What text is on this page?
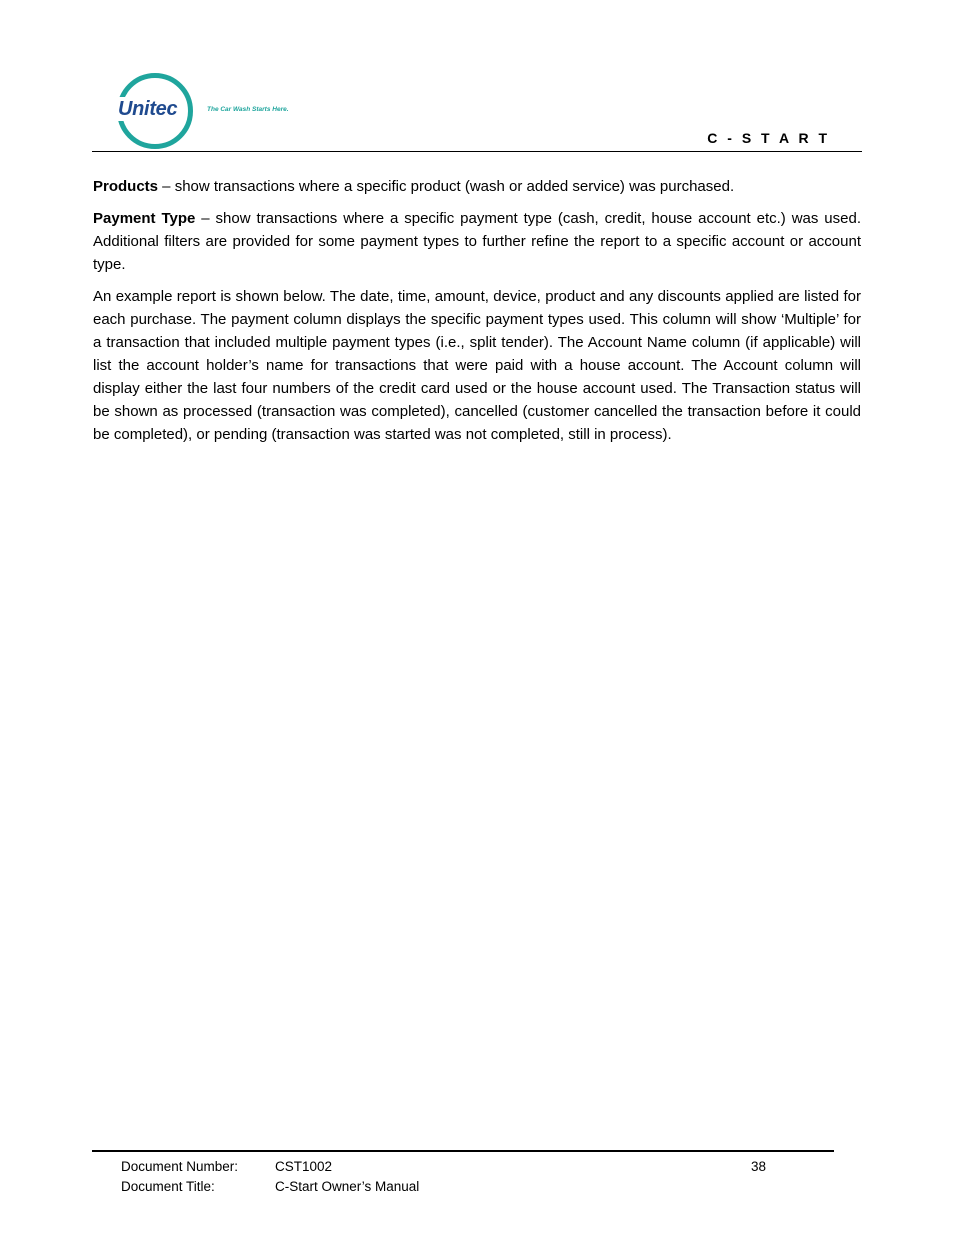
Unitec	The Car Wash Starts Here.
C - S T A R T

Products – show transactions where a specific product (wash or added service) was purchased.

Payment Type – show transactions where a specific payment type (cash, credit, house account etc.) was used. Additional filters are provided for some payment types to further refine the report to a specific account or account type.

An example report is shown below. The date, time, amount, device, product and any discounts applied are listed for each purchase. The payment column displays the specific payment types used. This column will show ‘Multiple’ for a transaction that included multiple payment types (i.e., split tender). The Account Name column (if applicable) will list the account holder’s name for transactions that were paid with a house account. The Account column will display either the last four numbers of the credit card used or the house account used. The Transaction status will be shown as processed (transaction was completed), cancelled (customer cancelled the transaction before it could be completed), or pending (transaction was started was not completed, still in process).

Document Number:	CST1002	38
Document Title:	C-Start Owner’s Manual
